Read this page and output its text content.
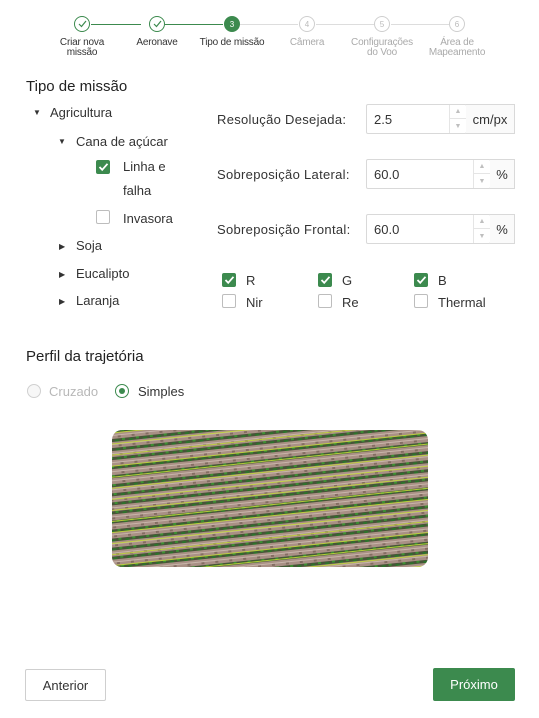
3	4	5	6
Criar nova
missão
Aeronave	Tipo de missão	Câmera	Configurações
do Voo
Área de
Mapeamento
Tipo de missão
▼ Agricultura
▼ Cana de açúcar
Linha e
falha
Invasora
▶ Soja
▶ Eucalipto
▶ Laranja
Resolução Desejada:
2.5
▲
▼ cm/px
Sobreposição Lateral:
60.0
▲
▼ %
Sobreposição Frontal:
60.0
▲
▼ %
R	G	B
Nir	Re	Thermal
Perfil da trajetória
Cruzado	Simples
Anterior	Próximo
